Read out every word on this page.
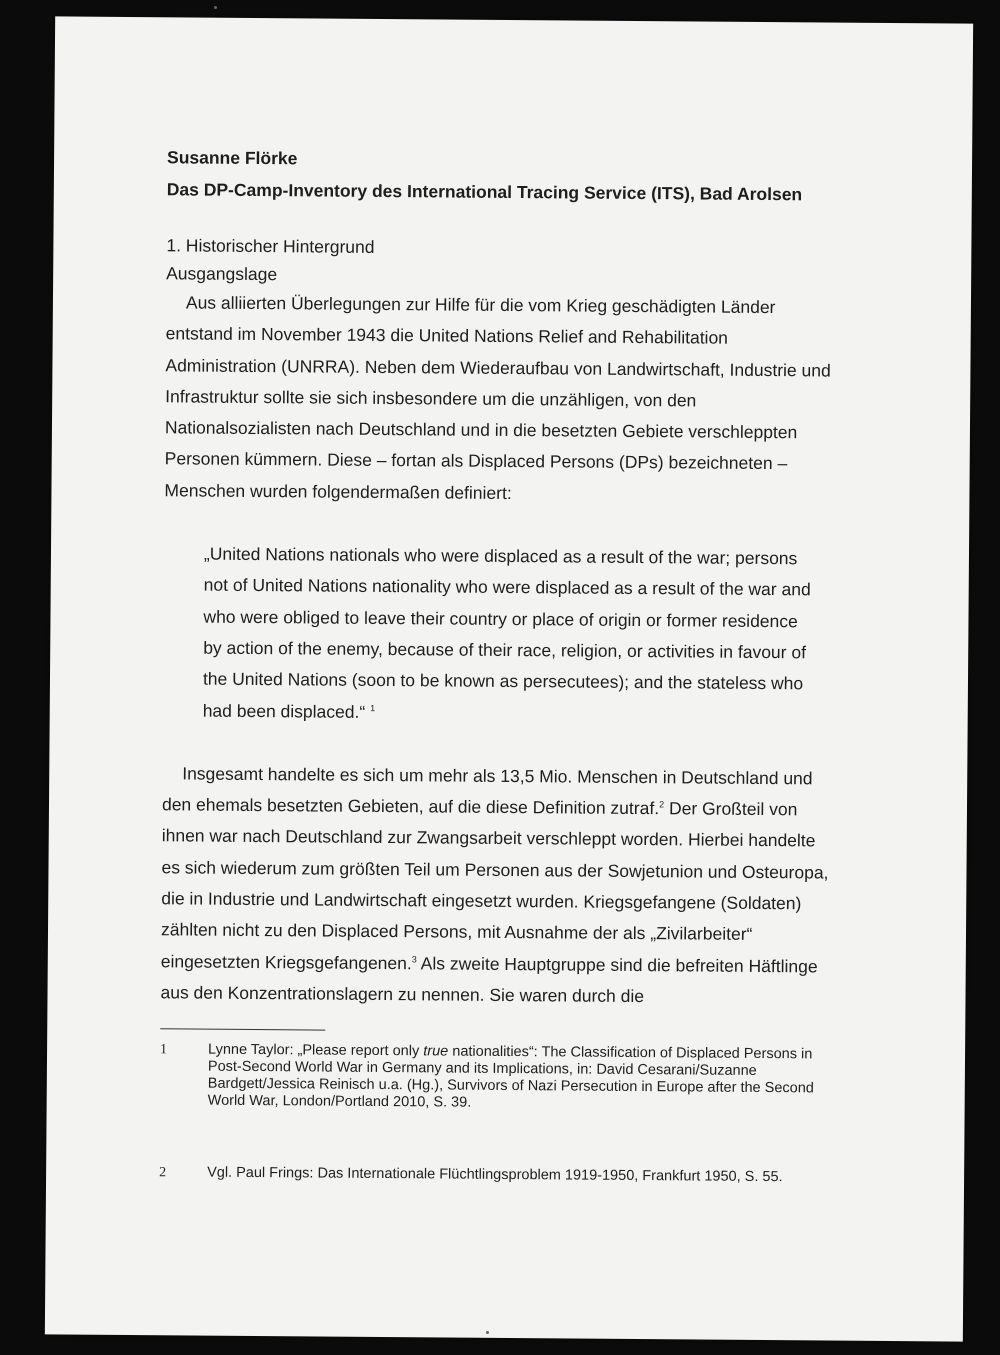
Susanne Flörke
Das DP-Camp-Inventory des International Tracing Service (ITS), Bad Arolsen
1. Historischer Hintergrund
Ausgangslage

Aus alliierten Überlegungen zur Hilfe für die vom Krieg geschädigten Länder entstand im November 1943 die United Nations Relief and Rehabilitation Administration (UNRRA). Neben dem Wiederaufbau von Landwirtschaft, Industrie und Infrastruktur sollte sie sich insbesondere um die unzähligen, von den Nationalsozialisten nach Deutschland und in die besetzten Gebiete verschleppten Personen kümmern. Diese – fortan als Displaced Persons (DPs) bezeichneten – Menschen wurden folgendermaßen definiert:

„United Nations nationals who were displaced as a result of the war; persons not of United Nations nationality who were displaced as a result of the war and who were obliged to leave their country or place of origin or former residence by action of the enemy, because of their race, religion, or activities in favour of the United Nations (soon to be known as persecutees); and the stateless who had been displaced.“ $^1$

Insgesamt handelte es sich um mehr als 13,5 Mio. Menschen in Deutschland und den ehemals besetzten Gebieten, auf die diese Definition zutraf.$^2$ Der Großteil von ihnen war nach Deutschland zur Zwangsarbeit verschleppt worden. Hierbei handelte es sich wiederum zum größten Teil um Personen aus der Sowjetunion und Osteuropa, die in Industrie und Landwirtschaft eingesetzt wurden. Kriegsgefangene (Soldaten) zählten nicht zu den Displaced Persons, mit Ausnahme der als „Zivilarbeiter“ eingesetzten Kriegsgefangenen.$^3$ Als zweite Hauptgruppe sind die befreiten Häftlinge aus den Konzentrationslagern zu nennen. Sie waren durch die

1	Lynne Taylor: „Please report only true nationalities“: The Classification of Displaced Persons in Post-Second World War in Germany and its Implications, in: David Cesarani/Suzanne Bardgett/Jessica Reinisch u.a. (Hg.), Survivors of Nazi Persecution in Europe after the Second World War, London/Portland 2010, S. 39.
2	Vgl. Paul Frings: Das Internationale Flüchtlingsproblem 1919-1950, Frankfurt 1950, S. 55.
